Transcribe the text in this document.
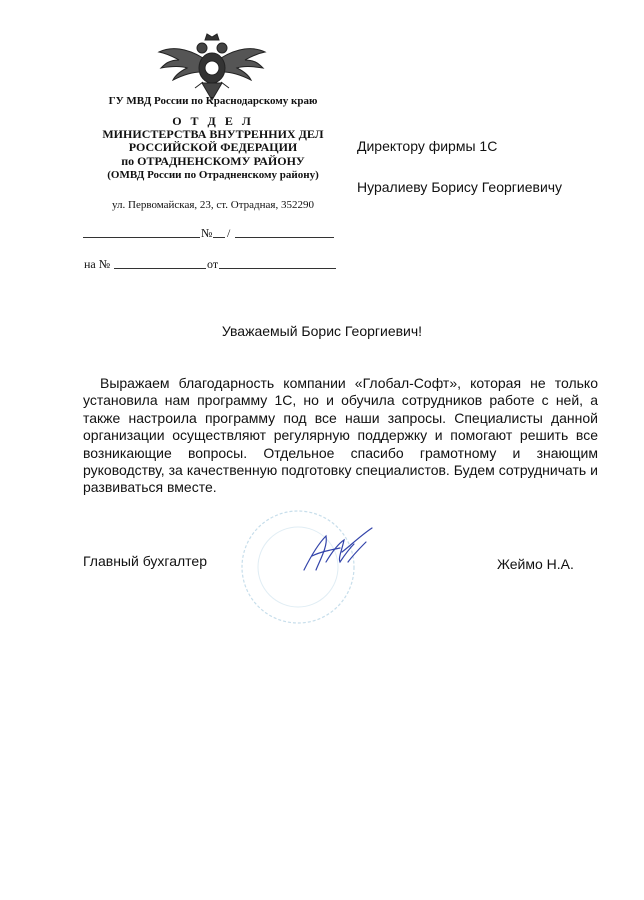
ГУ МВД России по Краснодарскому краю
О Т Д Е Л
МИНИСТЕРСТВА ВНУТРЕННИХ ДЕЛ
РОССИЙСКОЙ ФЕДЕРАЦИИ
по ОТРАДНЕНСКОМУ РАЙОНУ
(ОМВД России по Отрадненскому району)
ул. Первомайская, 23, ст. Отрадная, 352290
№ /
на №	от
Директору фирмы 1С
Нуралиеву Борису Георгиевичу
Уважаемый Борис Георгиевич!
Выражаем благодарность компании «Глобал-Софт», которая не только установила нам программу 1С, но и обучила сотрудников работе с ней, а также настроила программу под все наши запросы. Специалисты данной организации осуществляют регулярную поддержку и помогают решить все возникающие вопросы. Отдельное спасибо грамотному и знающим руководству, за качественную подготовку специалистов. Будем сотрудничать и развиваться вместе.
Главный бухгалтер	Жеймо Н.А.
